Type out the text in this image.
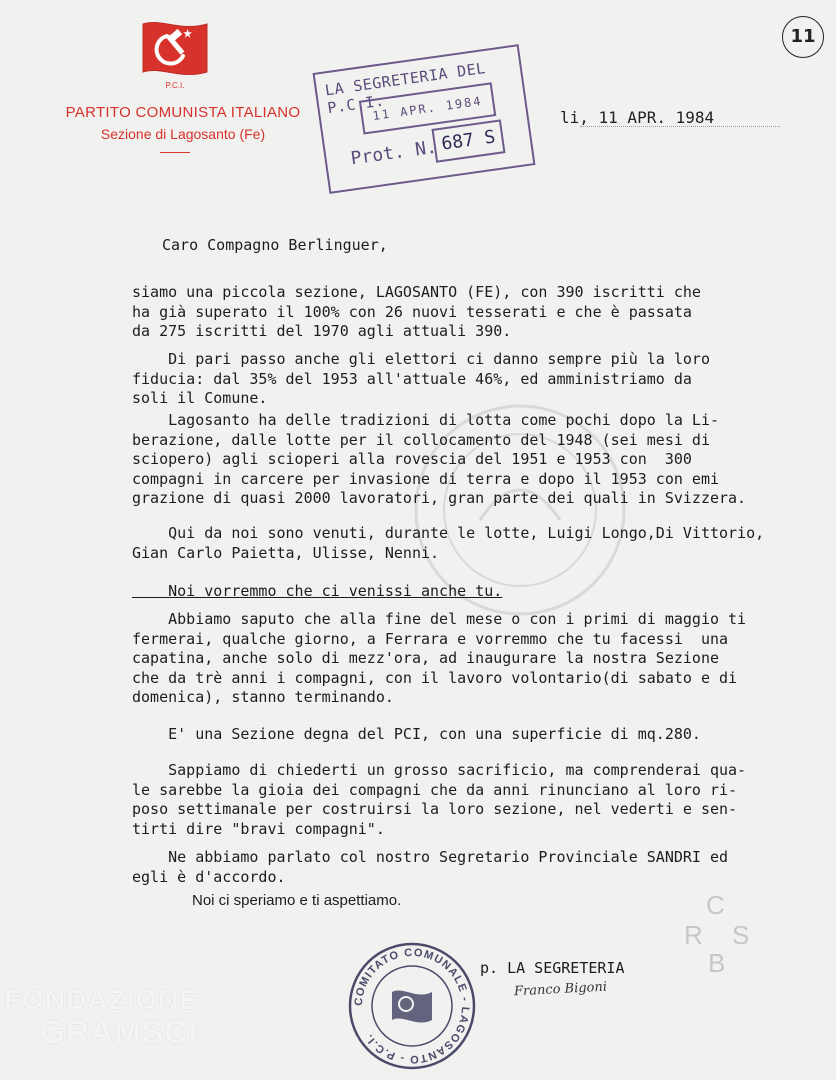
P.C.I.
PARTITO COMUNISTA ITALIANO
Sezione di Lagosanto (Fe)
LA SEGRETERIA DEL P.C.I.
11 APR. 1984
Prot. N. 687 S
li, 11 APR. 1984
11
Caro Compagno Berlinguer,
siamo una piccola sezione, LAGOSANTO (FE), con 390 iscritti che
ha già superato il 100% con 26 nuovi tesserati e che è passata
da 275 iscritti del 1970 agli attuali 390.
Di pari passo anche gli elettori ci danno sempre più la loro
fiducia: dal 35% del 1953 all'attuale 46%, ed amministriamo da
soli il Comune.
Lagosanto ha delle tradizioni di lotta come pochi dopo la Li-
berazione, dalle lotte per il collocamento del 1948 (sei mesi di
sciopero) agli scioperi alla rovescia del 1951 e 1953 con  300
compagni in carcere per invasione di terra e dopo il 1953 con emi
grazione di quasi 2000 lavoratori, gran parte dei quali in Svizzera.
Qui da noi sono venuti, durante le lotte, Luigi Longo,Di Vittorio,
Gian Carlo Paietta, Ulisse, Nenni.
Noi vorremmo che ci venissi anche tu.
Abbiamo saputo che alla fine del mese o con i primi di maggio ti
fermerai, qualche giorno, a Ferrara e vorremmo che tu facessi  una
capatina, anche solo di mezz'ora, ad inaugurare la nostra Sezione
che da trè anni i compagni, con il lavoro volontario(di sabato e di
domenica), stanno terminando.
E' una Sezione degna del PCI, con una superficie di mq.280.
Sappiamo di chiederti un grosso sacrificio, ma comprenderai qua-
le sarebbe la gioia dei compagni che da anni rinunciano al loro ri-
poso settimanale per costruirsi la loro sezione, nel vederti e sen-
tirti dire "bravi compagni".
Ne abbiamo parlato col nostro Segretario Provinciale SANDRI ed
egli è d'accordo.
Noi ci speriamo e ti aspettiamo.
COMITATO COMUNALE - LAGOSANTO - P.C.I.
p. LA SEGRETERIA
Franco Bigoni
C
R S
B
FONDAZIONE
GRAMSCI
